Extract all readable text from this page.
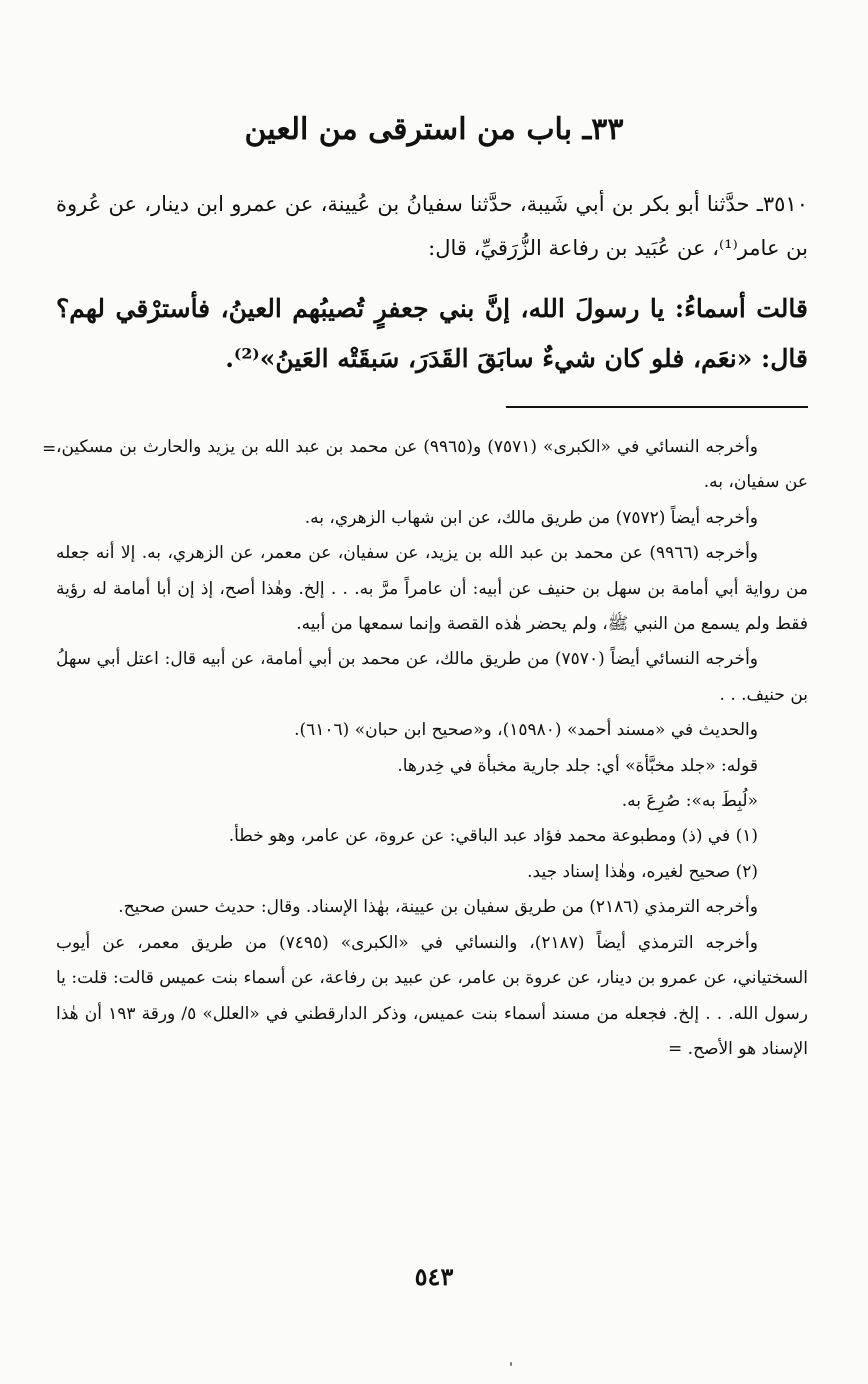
٣٣ـ باب من استرقى من العين

٣٥١٠ـ حدَّثنا أبو بكر بن أبي شَيبة، حدَّثنا سفيانُ بن عُيينة، عن عمرو ابن دينار، عن عُروة بن عامر⁽¹⁾، عن عُبَيد بن رفاعة الزُّرَقيِّ، قال:

قالت أسماءُ: يا رسولَ الله، إنَّ بني جعفرٍ تُصيبُهم العينُ، فأسترْقي لهم؟ قال: «نعَم، فلو كان شيءٌ سابَقَ القَدَرَ، سَبقَتْه العَينُ»⁽²⁾.

= وأخرجه النسائي في «الكبرى» (٧٥٧١) و(٩٩٦٥) عن محمد بن عبد الله بن يزيد والحارث بن مسكين، عن سفيان، به.

وأخرجه أيضاً (٧٥٧٢) من طريق مالك، عن ابن شهاب الزهري، به.

وأخرجه (٩٩٦٦) عن محمد بن عبد الله بن يزيد، عن سفيان، عن معمر، عن الزهري، به. إلا أنه جعله من رواية أبي أمامة بن سهل بن حنيف عن أبيه: أن عامراً مرَّ به. . . إلخ. وهٰذا أصح، إذ إن أبا أمامة له رؤية فقط ولم يسمع من النبي ﷺ، ولم يحضر هٰذه القصة وإنما سمعها من أبيه.

وأخرجه النسائي أيضاً (٧٥٧٠) من طريق مالك، عن محمد بن أبي أمامة، عن أبيه قال: اعتل أبي سهلُ بن حنيف. . .

والحديث في «مسند أحمد» (١٥٩٨٠)، و«صحيح ابن حبان» (٦١٠٦).

قوله: «جلد مخبَّأة» أي: جلد جارية مخبأة في خِدرها.

«لُبِطَ به»: صُرِعَ به.

(١) في (ذ) ومطبوعة محمد فؤاد عبد الباقي: عن عروة، عن عامر، وهو خطأ.

(٢) صحيح لغيره، وهٰذا إسناد جيد.

وأخرجه الترمذي (٢١٨٦) من طريق سفيان بن عيينة، بهٰذا الإسناد. وقال: حديث حسن صحيح.

وأخرجه الترمذي أيضاً (٢١٨٧)، والنسائي في «الكبرى» (٧٤٩٥) من طريق معمر، عن أيوب السختياني، عن عمرو بن دينار، عن عروة بن عامر، عن عبيد بن رفاعة، عن أسماء بنت عميس قالت: قلت: يا رسول الله. . . إلخ. فجعله من مسند أسماء بنت عميس، وذكر الدارقطني في «العلل» ٥/ ورقة ١٩٣ أن هٰذا الإسناد هو الأصح. =

٥٤٣
